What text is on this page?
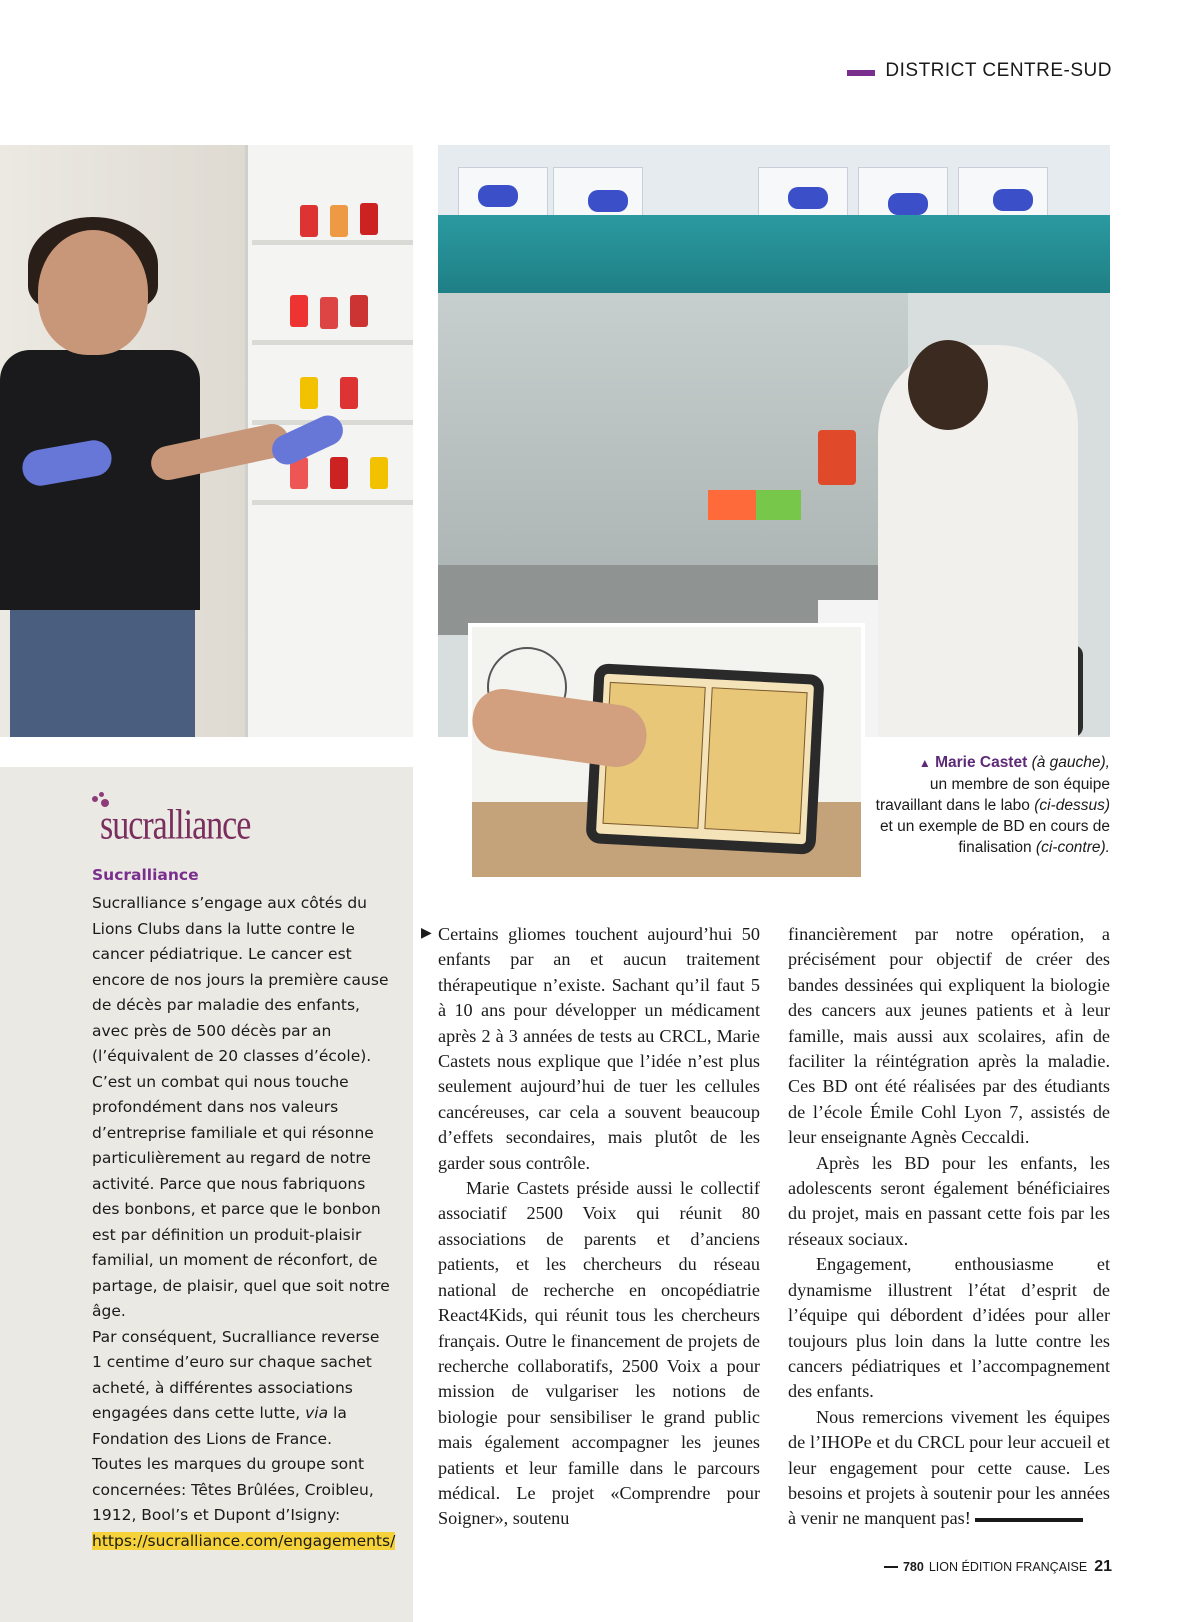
DISTRICT CENTRE-SUD
▲ Marie Castet (à gauche),
un membre de son équipe
travaillant dans le labo (ci-dessus)
et un exemple de BD en cours de
finalisation (ci-contre).
sucralliance
Sucralliance
Sucralliance s’engage aux côtés du Lions Clubs dans la lutte contre le cancer pédiatrique. Le cancer est encore de nos jours la première cause de décès par maladie des enfants, avec près de 500 décès par an (l’équivalent de 20 classes d’école). C’est un combat qui nous touche profondément dans nos valeurs d’entreprise familiale et qui résonne particulièrement au regard de notre activité. Parce que nous fabriquons des bonbons, et parce que le bonbon est par définition un produit-plaisir familial, un moment de réconfort, de partage, de plaisir, quel que soit notre âge.
Par conséquent, Sucralliance reverse 1 centime d’euro sur chaque sachet acheté, à différentes associations engagées dans cette lutte, via la Fondation des Lions de France.
Toutes les marques du groupe sont concernées: Têtes Brûlées, Croibleu, 1912, Bool’s et Dupont d’Isigny: https://sucralliance.com/engagements/
▶ Certains gliomes touchent aujourd’hui 50 enfants par an et aucun traitement thérapeutique n’existe. Sachant qu’il faut 5 à 10 ans pour développer un médicament après 2 à 3 années de tests au CRCL, Marie Castets nous explique que l’idée n’est plus seulement aujourd’hui de tuer les cellules cancéreuses, car cela a souvent beaucoup d’effets secondaires, mais plutôt de les garder sous contrôle.

Marie Castets préside aussi le collectif associatif 2500 Voix qui réunit 80 associations de parents et d’anciens patients, et les chercheurs du réseau national de recherche en oncopédiatrie React4Kids, qui réunit tous les chercheurs français. Outre le financement de projets de recherche collaboratifs, 2500 Voix a pour mission de vulgariser les notions de biologie pour sensibiliser le grand public mais également accompagner les jeunes patients et leur famille dans le parcours médical. Le projet «Comprendre pour Soigner», soutenu

financièrement par notre opération, a précisément pour objectif de créer des bandes dessinées qui expliquent la biologie des cancers aux jeunes patients et à leur famille, mais aussi aux scolaires, afin de faciliter la réintégration après la maladie. Ces BD ont été réalisées par des étudiants de l’école Émile Cohl Lyon 7, assistés de leur enseignante Agnès Ceccaldi.

Après les BD pour les enfants, les adolescents seront également bénéficiaires du projet, mais en passant cette fois par les réseaux sociaux.

Engagement, enthousiasme et dynamisme illustrent l’état d’esprit de l’équipe qui débordent d’idées pour aller toujours plus loin dans la lutte contre les cancers pédiatriques et l’accompagnement des enfants.

Nous remercions vivement les équipes de l’IHOPe et du CRCL pour leur accueil et leur engagement pour cette cause. Les besoins et projets à soutenir pour les années à venir ne manquent pas!

780 LION ÉDITION FRANÇAISE 21
